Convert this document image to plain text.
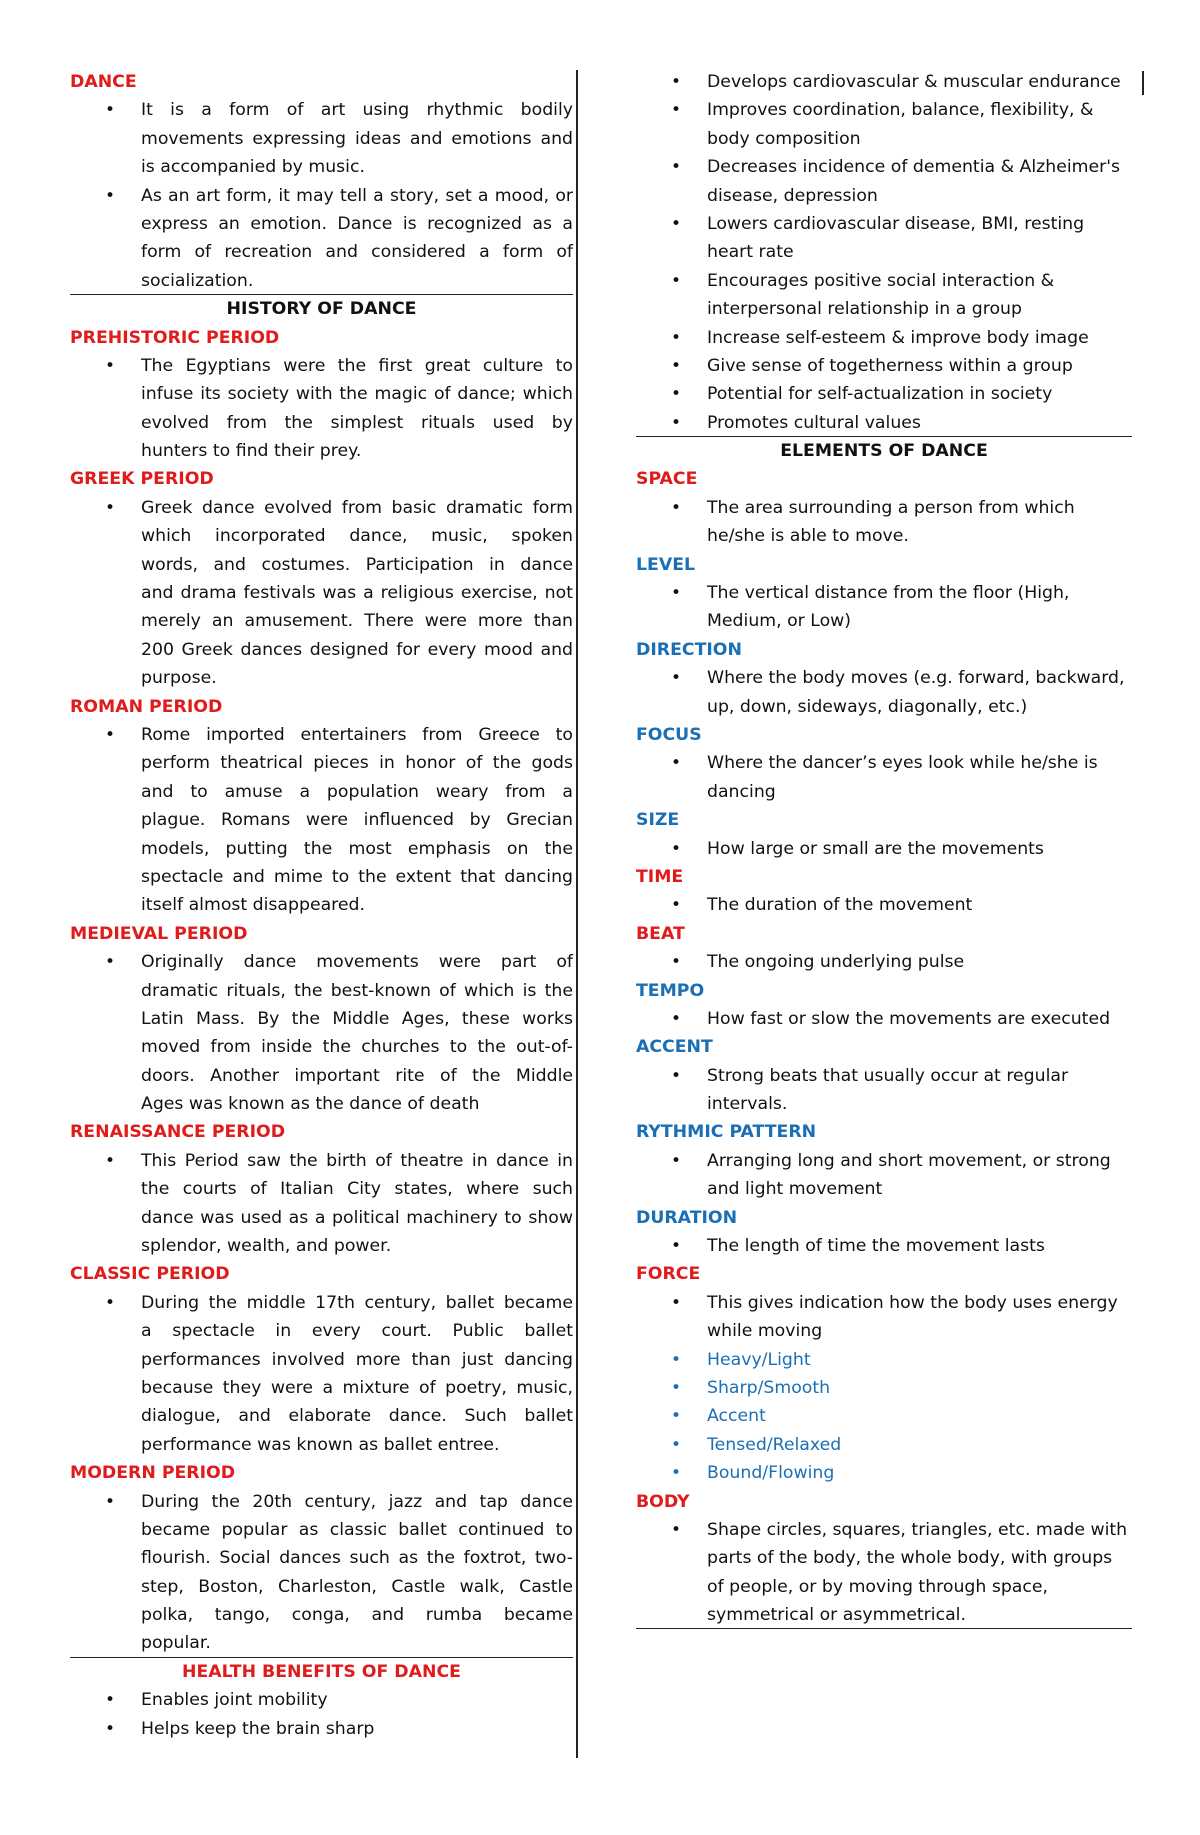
DANCE
• It is a form of art using rhythmic bodily
movements expressing ideas and emotions and
is accompanied by music.
• As an art form, it may tell a story, set a mood, or
express an emotion. Dance is recognized as a
form of recreation and considered a form of
socialization.
HISTORY OF DANCE
PREHISTORIC PERIOD
• The Egyptians were the first great culture to
infuse its society with the magic of dance; which
evolved from the simplest rituals used by
hunters to find their prey.
GREEK PERIOD
• Greek dance evolved from basic dramatic form
which incorporated dance, music, spoken
words, and costumes. Participation in dance
and drama festivals was a religious exercise, not
merely an amusement. There were more than
200 Greek dances designed for every mood and
purpose.
ROMAN PERIOD
• Rome imported entertainers from Greece to
perform theatrical pieces in honor of the gods
and to amuse a population weary from a
plague. Romans were influenced by Grecian
models, putting the most emphasis on the
spectacle and mime to the extent that dancing
itself almost disappeared.
MEDIEVAL PERIOD
• Originally dance movements were part of
dramatic rituals, the best-known of which is the
Latin Mass. By the Middle Ages, these works
moved from inside the churches to the out-of-
doors. Another important rite of the Middle
Ages was known as the dance of death
RENAISSANCE PERIOD
• This Period saw the birth of theatre in dance in
the courts of Italian City states, where such
dance was used as a political machinery to show
splendor, wealth, and power.
CLASSIC PERIOD
• During the middle 17th century, ballet became
a spectacle in every court. Public ballet
performances involved more than just dancing
because they were a mixture of poetry, music,
dialogue, and elaborate dance. Such ballet
performance was known as ballet entree.
MODERN PERIOD
• During the 20th century, jazz and tap dance
became popular as classic ballet continued to
flourish. Social dances such as the foxtrot, two-
step, Boston, Charleston, Castle walk, Castle
polka, tango, conga, and rumba became
popular.
HEALTH BENEFITS OF DANCE
• Enables joint mobility
• Helps keep the brain sharp
• Develops cardiovascular & muscular endurance
• Improves coordination, balance, flexibility, &
body composition
• Decreases incidence of dementia & Alzheimer's
disease, depression
• Lowers cardiovascular disease, BMI, resting
heart rate
• Encourages positive social interaction &
interpersonal relationship in a group
• Increase self-esteem & improve body image
• Give sense of togetherness within a group
• Potential for self-actualization in society
• Promotes cultural values
ELEMENTS OF DANCE
SPACE
• The area surrounding a person from which
he/she is able to move.
LEVEL
• The vertical distance from the floor (High,
Medium, or Low)
DIRECTION
• Where the body moves (e.g. forward, backward,
up, down, sideways, diagonally, etc.)
FOCUS
• Where the dancer’s eyes look while he/she is
dancing
SIZE
• How large or small are the movements
TIME
• The duration of the movement
BEAT
• The ongoing underlying pulse
TEMPO
• How fast or slow the movements are executed
ACCENT
• Strong beats that usually occur at regular
intervals.
RYTHMIC PATTERN
• Arranging long and short movement, or strong
and light movement
DURATION
• The length of time the movement lasts
FORCE
• This gives indication how the body uses energy
while moving
• Heavy/Light
• Sharp/Smooth
• Accent
• Tensed/Relaxed
• Bound/Flowing
BODY
• Shape circles, squares, triangles, etc. made with
parts of the body, the whole body, with groups
of people, or by moving through space,
symmetrical or asymmetrical.
